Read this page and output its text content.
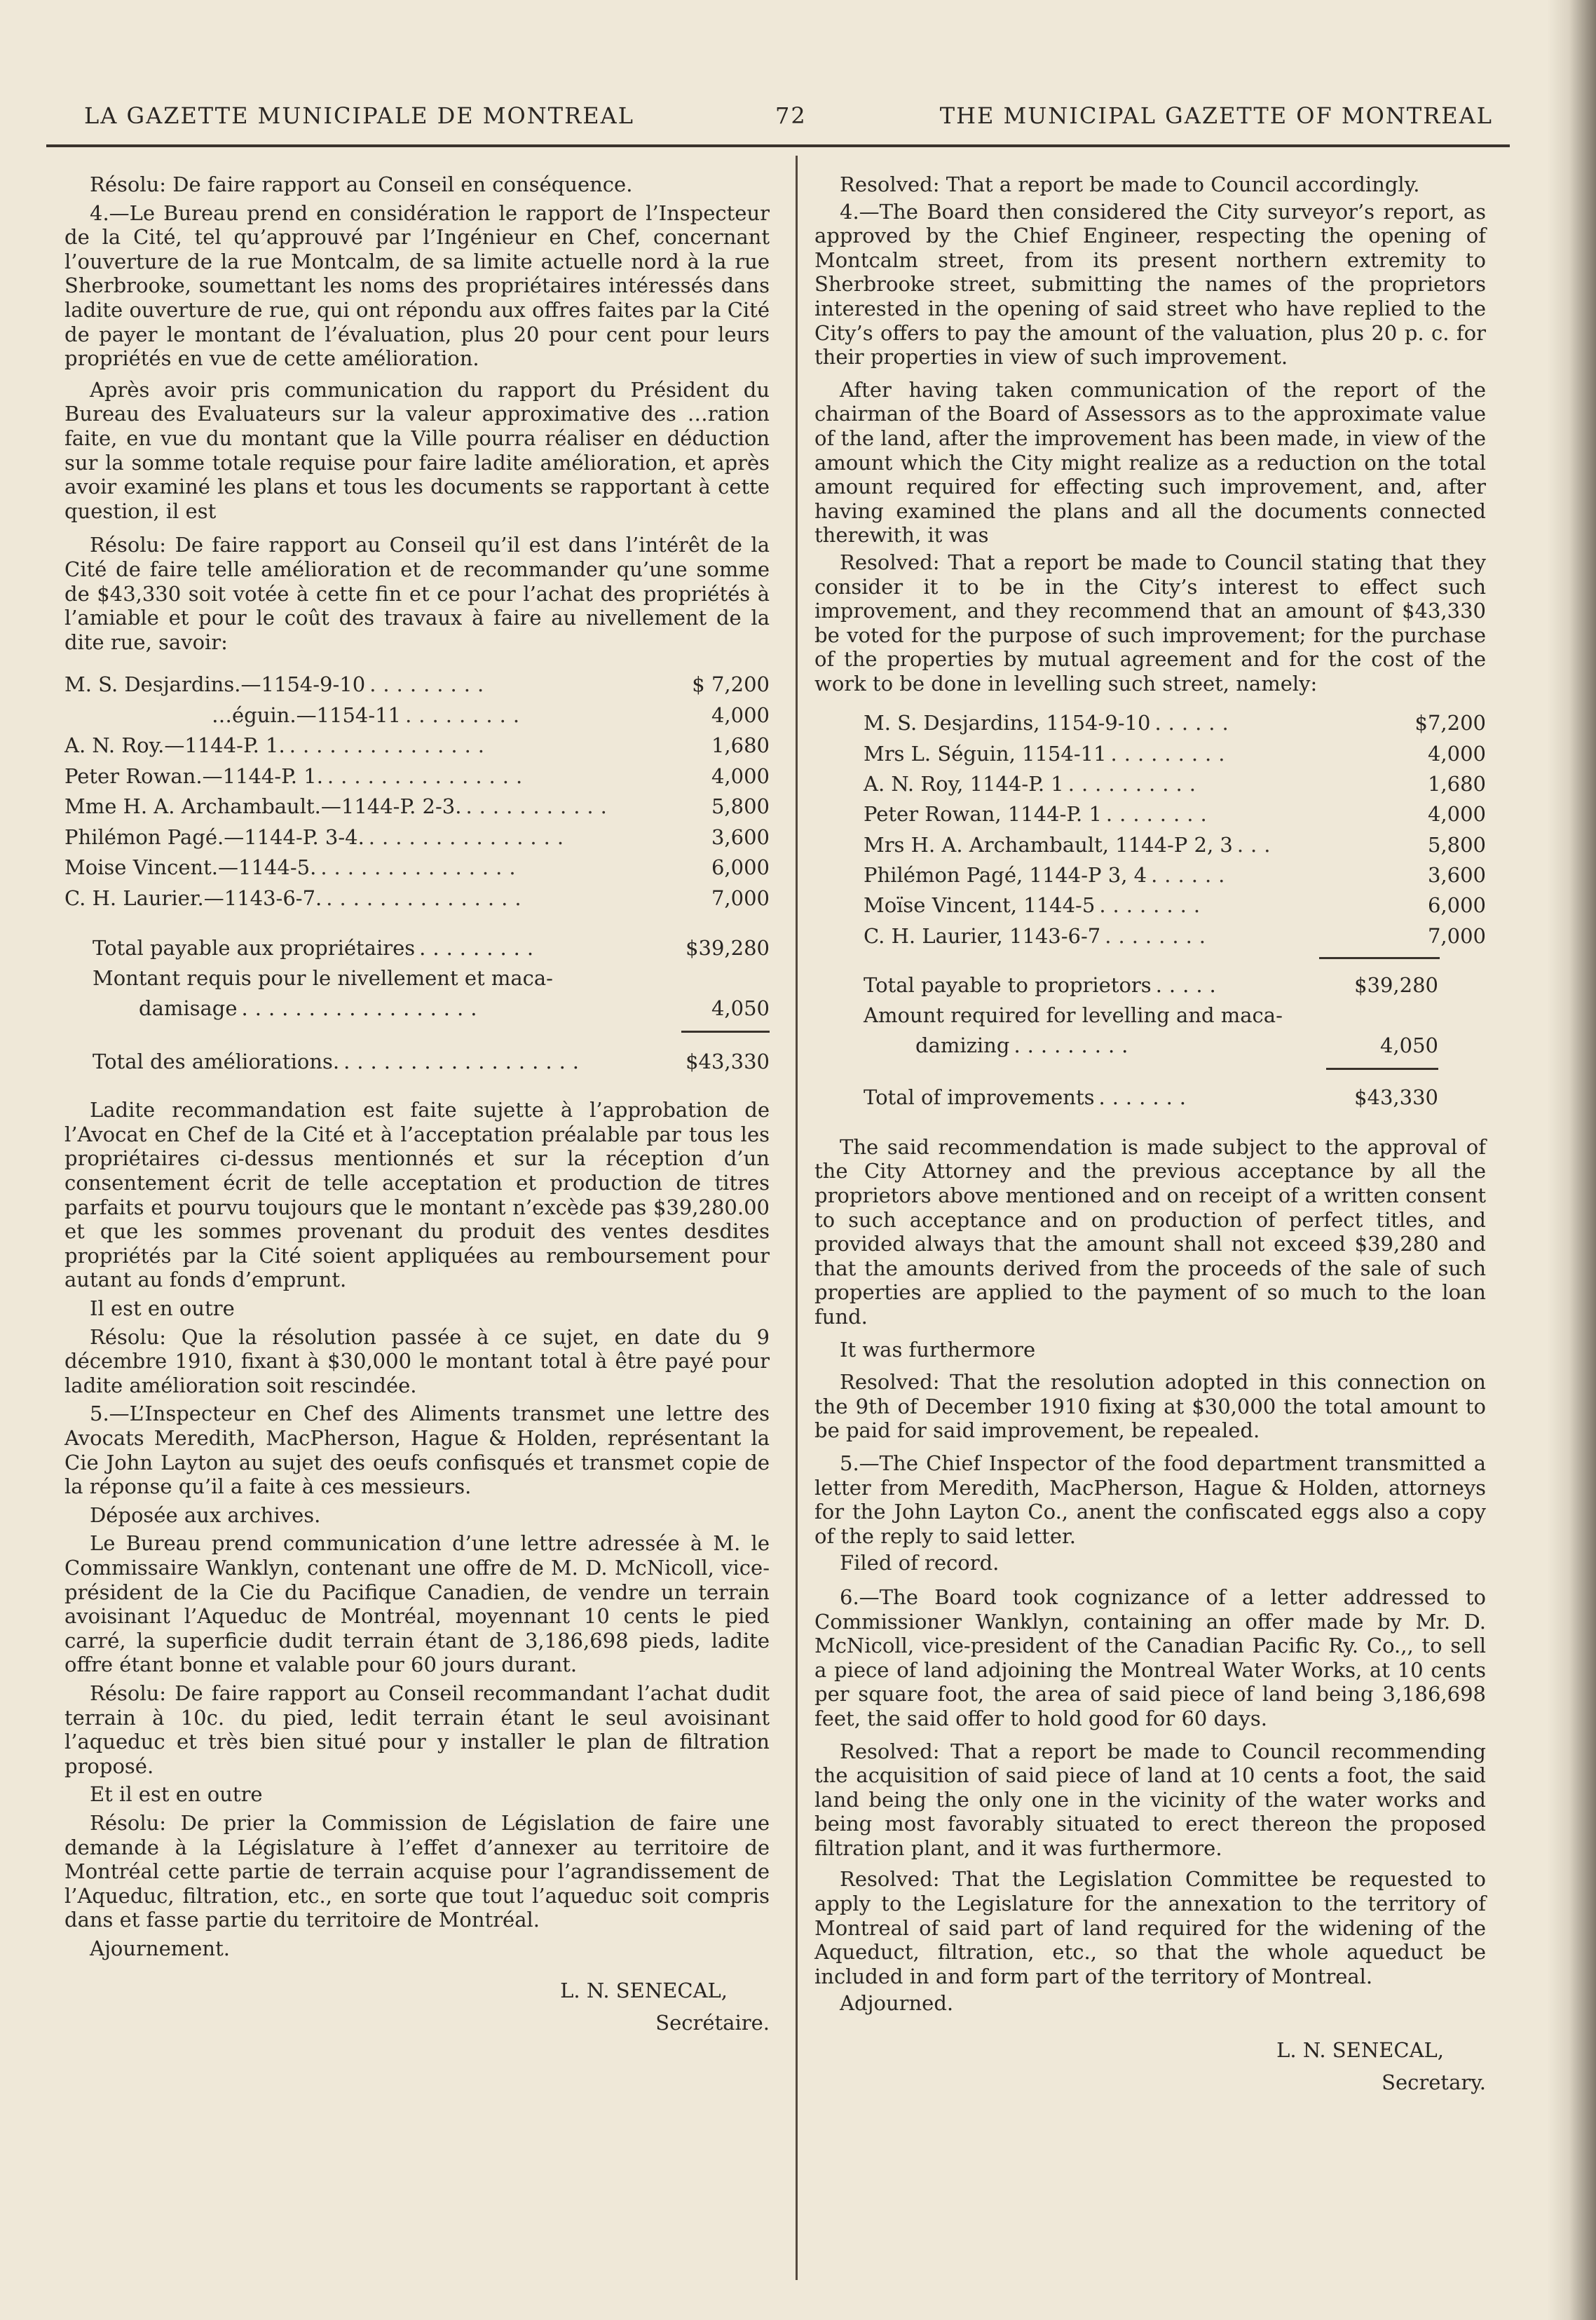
LA GAZETTE MUNICIPALE DE MONTREAL	72	THE MUNICIPAL GAZETTE OF MONTREAL

Résolu: De faire rapport au Conseil en conséquence.

4.—Le Bureau prend en considération le rapport de l’Inspecteur de la Cité, tel qu’approuvé par l’Ingénieur en Chef, concernant l’ouverture de la rue Montcalm, de sa limite actuelle nord à la rue Sherbrooke, soumettant les noms des propriétaires intéressés dans ladite ouverture de rue, qui ont répondu aux offres faites par la Cité de payer le montant de l’évaluation, plus 20 pour cent pour leurs propriétés en vue de cette amélioration.

Après avoir pris communication du rapport du Président du Bureau des Evaluateurs sur la valeur approximative des …ration faite, en vue du montant que la Ville pourra réaliser en déduction sur la somme totale requise pour faire ladite amélioration, et après avoir examiné les plans et tous les documents se rapportant à cette question, il est

Résolu: De faire rapport au Conseil qu’il est dans l’intérêt de la Cité de faire telle amélioration et de recommander qu’une somme de $43,330 soit votée à cette fin et ce pour l’achat des propriétés à l’amiable et pour le coût des travaux à faire au nivellement de la dite rue, savoir:

M. S. Desjardins.—1154-9-10 .........	$ 7,200
…éguin.—1154-11 .........	4,000
A. N. Roy.—1144-P. 1. ...............	1,680
Peter Rowan.—1144-P. 1. ...............	4,000
Mme H. A. Archambault.—1144-P. 2-3. ...........	5,800
Philémon Pagé.—1144-P. 3-4. ...............	3,600
Moise Vincent.—1144-5. ...............	6,000
C. H. Laurier.—1143-6-7. ...............	7,000
Total payable aux propriétaires .........	$39,280
Montant requis pour le nivellement et maca-
damisage ..................	4,050
Total des améliorations. ..................	$43,330

Ladite recommandation est faite sujette à l’approbation de l’Avocat en Chef de la Cité et à l’acceptation préalable par tous les propriétaires ci-dessus mentionnés et sur la réception d’un consentement écrit de telle acceptation et production de titres parfaits et pourvu toujours que le montant n’excède pas $39,280.00 et que les sommes provenant du produit des ventes desdites propriétés par la Cité soient appliquées au remboursement pour autant au fonds d’emprunt.

Il est en outre

Résolu: Que la résolution passée à ce sujet, en date du 9 décembre 1910, fixant à $30,000 le montant total à être payé pour ladite amélioration soit rescindée.

5.—L’Inspecteur en Chef des Aliments transmet une lettre des Avocats Meredith, MacPherson, Hague & Holden, représentant la Cie John Layton au sujet des oeufs confisqués et transmet copie de la réponse qu’il a faite à ces messieurs.

Déposée aux archives.

Le Bureau prend communication d’une lettre adressée à M. le Commissaire Wanklyn, contenant une offre de M. D. McNicoll, vice-président de la Cie du Pacifique Canadien, de vendre un terrain avoisinant l’Aqueduc de Montréal, moyennant 10 cents le pied carré, la superficie dudit terrain étant de 3,186,698 pieds, ladite offre étant bonne et valable pour 60 jours durant.

Résolu: De faire rapport au Conseil recommandant l’achat dudit terrain à 10c. du pied, ledit terrain étant le seul avoisinant l’aqueduc et très bien situé pour y installer le plan de filtration proposé.

Et il est en outre

Résolu: De prier la Commission de Législation de faire une demande à la Législature à l’effet d’annexer au territoire de Montréal cette partie de terrain acquise pour l’agrandissement de l’Aqueduc, filtration, etc., en sorte que tout l’aqueduc soit compris dans et fasse partie du territoire de Montréal.

Ajournement.

L. N. SENECAL,
Secrétaire.

Resolved: That a report be made to Council accordingly.

4.—The Board then considered the City surveyor’s report, as approved by the Chief Engineer, respecting the opening of Montcalm street, from its present northern extremity to Sherbrooke street, submitting the names of the proprietors interested in the opening of said street who have replied to the City’s offers to pay the amount of the valuation, plus 20 p. c. for their properties in view of such improvement.

After having taken communication of the report of the chairman of the Board of Assessors as to the approximate value of the land, after the improvement has been made, in view of the amount which the City might realize as a reduction on the total amount required for effecting such improvement, and, after having examined the plans and all the documents connected therewith, it was

Resolved: That a report be made to Council stating that they consider it to be in the City’s interest to effect such improvement, and they recommend that an amount of $43,330 be voted for the purpose of such improvement; for the purchase of the properties by mutual agreement and for the cost of the work to be done in levelling such street, namely:

M. S. Desjardins, 1154-9-10 ......	$7,200
Mrs L. Séguin, 1154-11 .........	4,000
A. N. Roy, 1144-P. 1 ..........	1,680
Peter Rowan, 1144-P. 1 ........	4,000
Mrs H. A. Archambault, 1144-P 2, 3 ...	5,800
Philémon Pagé, 1144-P 3, 4 ......	3,600
Moïse Vincent, 1144-5 ........	6,000
C. H. Laurier, 1143-6-7 ........	7,000
Total payable to proprietors .....	$39,280
Amount required for levelling and maca-
damizing .........	4,050
Total of improvements .......	$43,330

The said recommendation is made subject to the approval of the City Attorney and the previous acceptance by all the proprietors above mentioned and on receipt of a written consent to such acceptance and on production of perfect titles, and provided always that the amount shall not exceed $39,280 and that the amounts derived from the proceeds of the sale of such properties are applied to the payment of so much to the loan fund.

It was furthermore

Resolved: That the resolution adopted in this connection on the 9th of December 1910 fixing at $30,000 the total amount to be paid for said improvement, be repealed.

5.—The Chief Inspector of the food department transmitted a letter from Meredith, MacPherson, Hague & Holden, attorneys for the John Layton Co., anent the confiscated eggs also a copy of the reply to said letter.

Filed of record.

6.—The Board took cognizance of a letter addressed to Commissioner Wanklyn, containing an offer made by Mr. D. McNicoll, vice-president of the Canadian Pacific Ry. Co.,, to sell a piece of land adjoining the Montreal Water Works, at 10 cents per square foot, the area of said piece of land being 3,186,698 feet, the said offer to hold good for 60 days.

Resolved: That a report be made to Council recommending the acquisition of said piece of land at 10 cents a foot, the said land being the only one in the vicinity of the water works and being most favorably situated to erect thereon the proposed filtration plant, and it was furthermore.

Resolved: That the Legislation Committee be requested to apply to the Legislature for the annexation to the territory of Montreal of said part of land required for the widening of the Aqueduct, filtration, etc., so that the whole aqueduct be included in and form part of the territory of Montreal.

Adjourned.

L. N. SENECAL,
Secretary.
